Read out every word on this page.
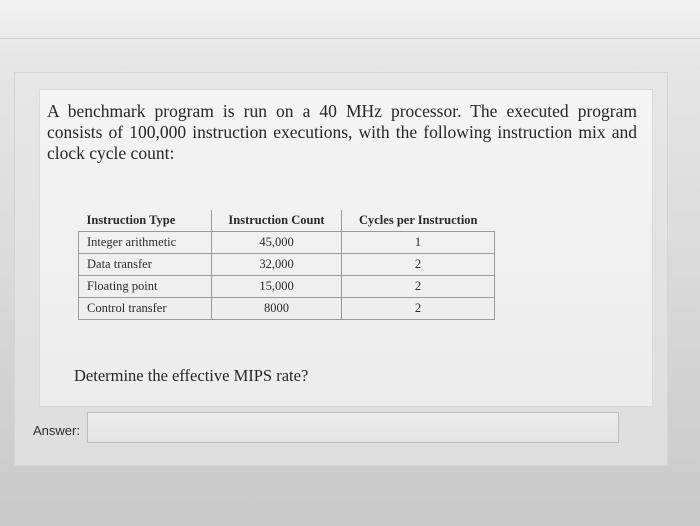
A benchmark program is run on a 40 MHz processor. The executed program consists of 100,000 instruction executions, with the following instruction mix and clock cycle count:
Instruction Type	Instruction Count	Cycles per Instruction
Integer arithmetic	45,000	1
Data transfer	32,000	2
Floating point	15,000	2
Control transfer	8000	2
Determine the effective MIPS rate?
Answer:
